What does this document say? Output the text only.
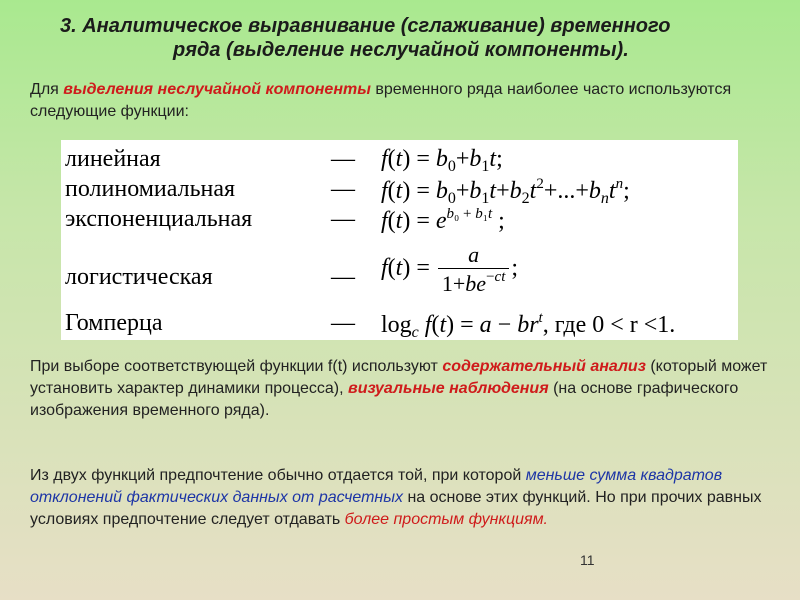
3. Аналитическое выравнивание (сглаживание) временного
ряда (выделение неслучайной компоненты).
Для выделения неслучайной компоненты временного ряда наиболее часто используются следующие функции:
линейная	— $f(t) = b_0+b_1t$;
полиномиальная	— $f(t) = b_0+b_1t+b_2t^2+...+b_nt^n$;
экспоненциальная	— $f(t) = e^{b_0 + b_1t}$ ;
логистическая	— $f(t) = \frac{a}{1+be^{-ct}}$ ;
Гомперца	— $\log_c f(t) = a - br^t$, где 0 < r <1.
При выборе соответствующей функции f(t) используют содержательный анализ (который может установить характер динамики процесса), визуальные наблюдения (на основе графического изображения временного ряда).
Из двух функций предпочтение обычно отдается той, при которой меньше сумма квадратов отклонений фактических данных от расчетных на основе этих функций. Но при прочих равных условиях предпочтение следует отдавать более простым функциям.
11
